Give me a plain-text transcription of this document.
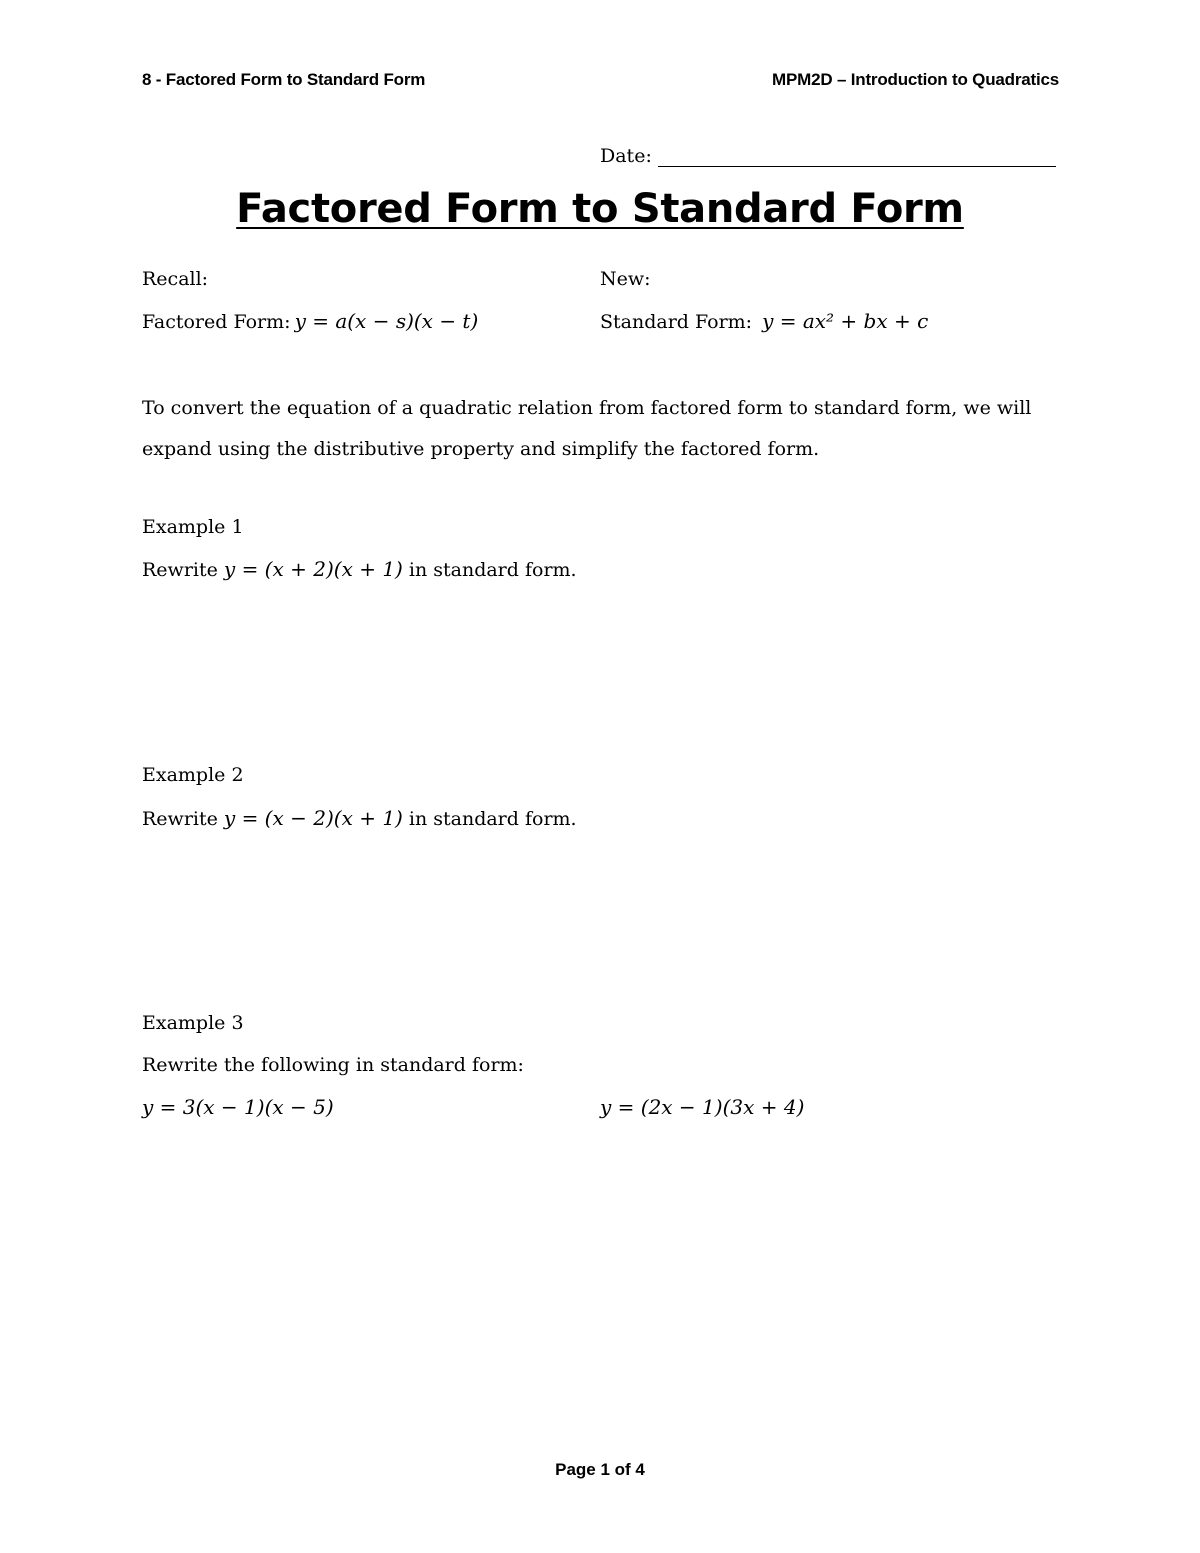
8 - Factored Form to Standard Form	MPM2D – Introduction to Quadratics
Date:
Factored Form to Standard Form
Recall:	New:
Factored Form: y = a(x − s)(x − t)	Standard Form: y = ax² + bx + c
To convert the equation of a quadratic relation from factored form to standard form, we will expand using the distributive property and simplify the factored form.
Example 1
Rewrite y = (x + 2)(x + 1) in standard form.
Example 2
Rewrite y = (x − 2)(x + 1) in standard form.
Example 3
Rewrite the following in standard form:
y = 3(x − 1)(x − 5)	y = (2x − 1)(3x + 4)
Page 1 of 4
